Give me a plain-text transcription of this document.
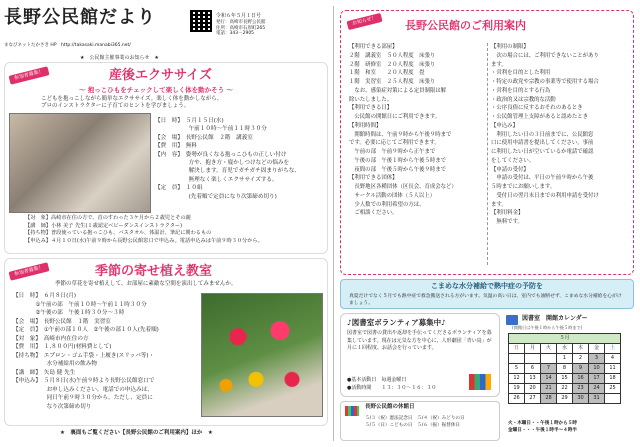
長野公民館だより	令和６年５月１日号
発行：高崎市長野公民館
住所：高崎市石原町265
電話：343－2905
まなびネットたかさき HP　http://takasaki.manabi365.net/
★　公民館主催事業のお知らせ　★
参加者募集！	産後エクササイズ
～ 抱っこひもをチェックして楽しく体を動かそう ～
こどもを抱っこしながら簡単なエクササイズ。楽しく体を動かしながら、
プロのインストラクターに子育てのヒントを学びましょう。
【日　時】　５月１５日(水)
　　　　　　午前１０時～午前１１時３０分
【会　場】　長野公民館　２階　講義室
【費　用】　無料
【内　容】　姿勢が良くなる抱っこひもの正しい付け
　　　　　　方や、抱き方・寝かしつけなどの悩みを
　　　　　　解決します。育児でガチガチ固まりがちな、
　　　　　　無理なく楽しくエクササイズする。
【定　員】　１０組
　　　　　　(先着順で定員になり次第締め切り)
【対　象】高崎市在住の方で、首のすわった３ケ月から２歳児とその親
【講　師】小林 美子 先生(１歳認定ベビーダンスインストラクター)
【持ち物】普段使っている抱っこひも、バスタオル、体温計、筆記に関わるもの
【申込み】４月１０日(水)午前９時から長野公民館窓口で申込み。電話申込みは午前９時３０分から。
参加者募集！	季節の寄せ植え教室
季節の草花を寄せ植えして、お部屋に素敵な空間を演出してみませんか。
【日　時】　６月８日(月)
　　　　①午前の部　午前１０時～午前１１時３０分
　　　　②午後の部　午後１時３０分～３時
【会　場】　長野公民館　１階　実習室
【定　員】　①午前の部１０人　②午後の部１０人(先着順)
【対　象】　高崎市内在住の方
【費　用】　１,８００円(材料費として)
【持ち物】　エプロン・ゴム手袋・上履き(スリッパ等)・
　　　　　　水分補給用の飲み物
【講　師】　矢島 健 先生
【申込み】　５月８日(水)午前９時より長野公民館窓口で
　　　　　　お申し込みください。電話での申込みは、
　　　　　　同日午前９時３０分から。ただし、定員に
　　　　　　なり次第締め切り
★　裏面もご覧ください【長野公民館のご利用案内】ほか　★
お知らせ！	長野公民館のご利用案内
【利用できる部屋】
２階　講義室　５０人程度　床張り
２階　研修室　２０人程度　床張り
１階　和室　　２０人程度　畳
１階　実習室　２５人程度　床張り
　なお、感染症対策による定員制限は解
除いたしました。
【利用できる日】
　公民館の開館日にご利用できます。
【利用時間】
　開館時間は、午前９時から午後９時まで
です。必要に応じてご利用できます。
　午前の部　午前９時から正午まで
　午後の部　午後１時から午後５時まで
　夜間の部　午後５時から午後９時まで
【利用できる団体】
　長野地区各種団体（区長会、育成会など）
　サークル活動の団体（５人以上）
　少人数での利用希望の方は、
　ご相談ください。
【利用の制限】
　次の場合には、ご利用できないことがあり
ます。
・営利を目的とした利用
・特定の政党や宗教の事業等で使用する場合
・営利を目的とする行為
・政治的又は宗教的な活動
・公序良俗に反するおそれのあるとき
・公民館管理上支障があると認めたとき
【申込み】
　利用したい日の３日前までに、公民館窓
口に使用申請書を提出してください。事前
に利用したい日が空いているか電話で確認
をしてください。
【申請の受付】
　申請の受付は、平日の午前９時から午後
５時までにお願いします。
　受付日の翌月末日までの利用申請を受付け
ます。
【利用料金】
　無料です。
こまめな水分補給で熱中症の予防を
真夏だけでなく５月でも熱中症で救急搬送される方がいます。気温の高い日は、室内でも油断せず、こまめな水分補給を心がけましょう。
♪図書室ボランティア募集中♪
図書室で図書の貸出や返却を手伝ってくださるボランティアを募集しています。現在は元気な方を中心に、人形劇団「青い鳥」が月に１回程度、お話会を行っています。
●基本活動日　毎週金曜日
●活動時間　　１３：３０～１６：３０
長野公民館の休館日
５/３（祝）憲法記念日　 ５/４（祝）みどりの日
５/５（日）こどもの日　 ５/６（振）振替休日
図書室　開館カレンダー
(開館日は午後１時から午後５時まで)
５月						
日	月	火	水	木	金	土
			1	2	3	4
5	6	7	8	9	10	11
12	13	14	15	16	17	18
19	20	21	22	23	24	25
26	27	28	29	30	31	
火・木曜日・・午後１時から５時
金曜日・・・午後１時半～４時半
